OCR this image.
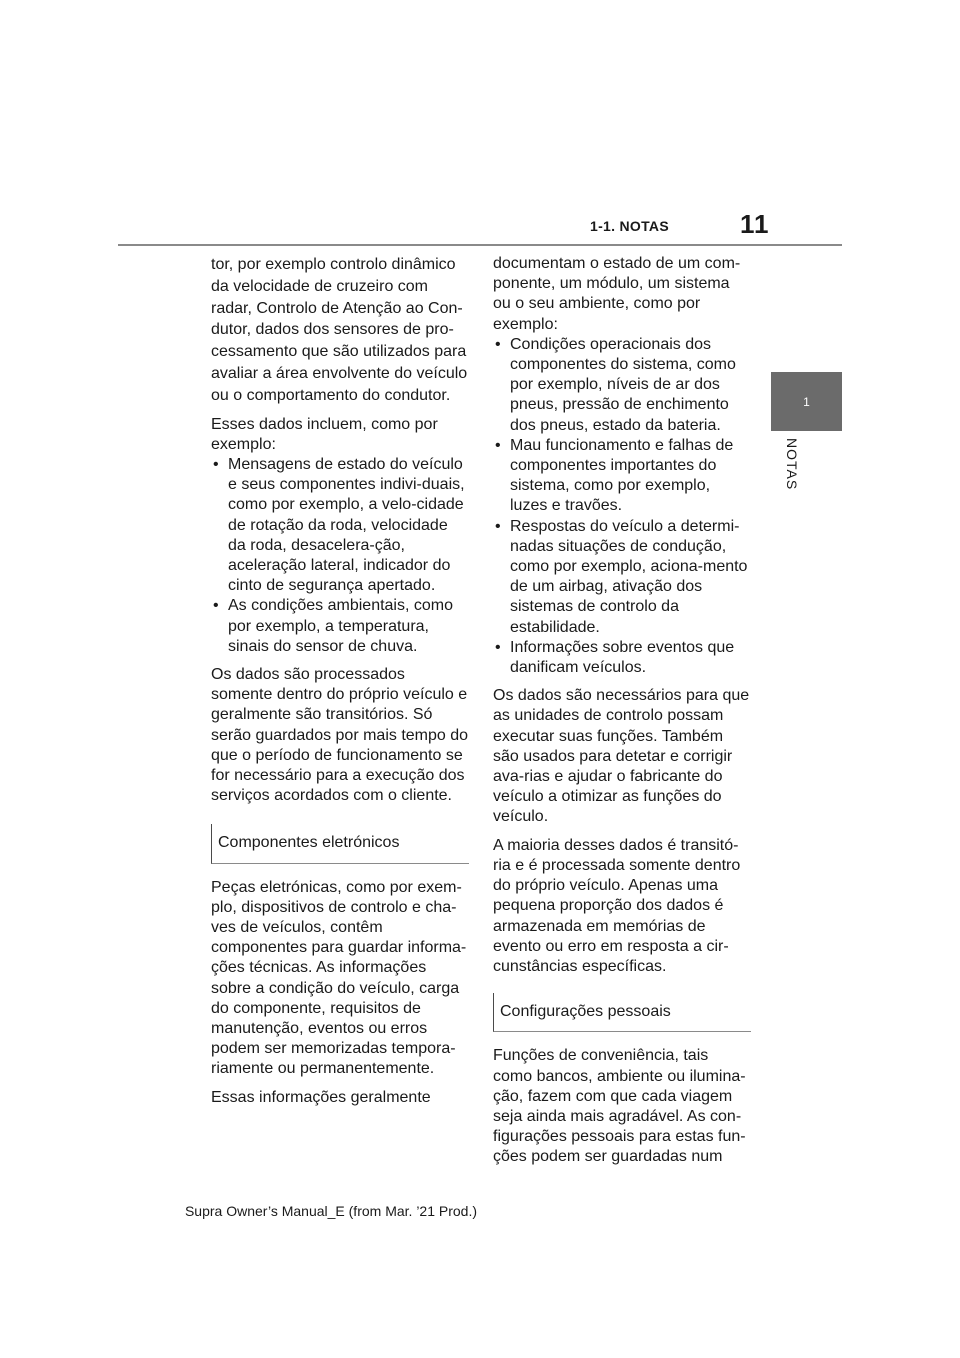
1-1. NOTAS	11
1
NOTAS

tor, por exemplo controlo dinâmico da velocidade de cruzeiro com radar, Controlo de Atenção ao Con-dutor, dados dos sensores de pro-cessamento que são utilizados para avaliar a área envolvente do veículo ou o comportamento do condutor.

Esses dados incluem, como por exemplo:

• Mensagens de estado do veículo e seus componentes indivi-duais, como por exemplo, a velo-cidade de rotação da roda, velocidade da roda, desacelera-ção, aceleração lateral, indicador do cinto de segurança apertado.
• As condições ambientais, como por exemplo, a temperatura, sinais do sensor de chuva.

Os dados são processados somente dentro do próprio veículo e geralmente são transitórios. Só serão guardados por mais tempo do que o período de funcionamento se for necessário para a execução dos serviços acordados com o cliente.

Componentes eletrónicos

Peças eletrónicas, como por exem-plo, dispositivos de controlo e cha-ves de veículos, contêm componentes para guardar informa-ções técnicas. As informações sobre a condição do veículo, carga do componente, requisitos de manutenção, eventos ou erros podem ser memorizadas tempora-riamente ou permanentemente.

Essas informações geralmente

documentam o estado de um com-ponente, um módulo, um sistema ou o seu ambiente, como por exemplo:

• Condições operacionais dos componentes do sistema, como por exemplo, níveis de ar dos pneus, pressão de enchimento dos pneus, estado da bateria.
• Mau funcionamento e falhas de componentes importantes do sistema, como por exemplo, luzes e travões.
• Respostas do veículo a determi-nadas situações de condução, como por exemplo, aciona-mento de um airbag, ativação dos sistemas de controlo da estabilidade.
• Informações sobre eventos que danificam veículos.

Os dados são necessários para que as unidades de controlo possam executar suas funções. Também são usados para detetar e corrigir ava-rias e ajudar o fabricante do veículo a otimizar as funções do veículo.

A maioria desses dados é transitó-ria e é processada somente dentro do próprio veículo. Apenas uma pequena proporção dos dados é armazenada em memórias de evento ou erro em resposta a cir-cunstâncias específicas.

Configurações pessoais

Funções de conveniência, tais como bancos, ambiente ou ilumina-ção, fazem com que cada viagem seja ainda mais agradável. As con-figurações pessoais para estas fun-ções podem ser guardadas num

Supra Owner’s Manual_E (from Mar. ’21 Prod.)
